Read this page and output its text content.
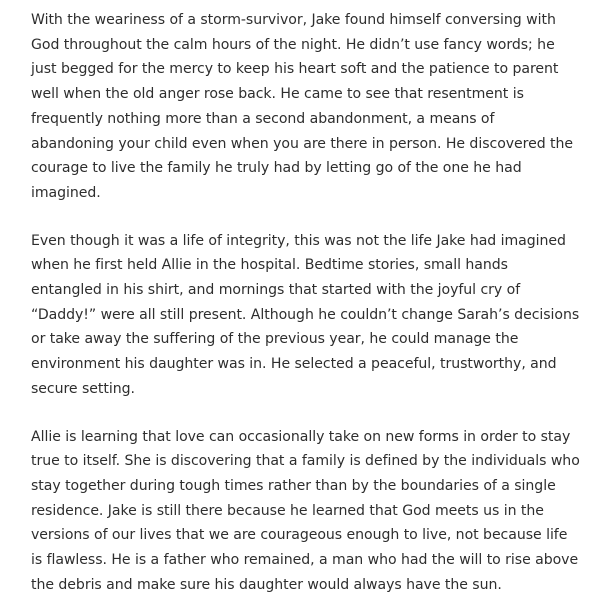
With the weariness of a storm-survivor, Jake found himself conversing with God throughout the calm hours of the night. He didn’t use fancy words; he just begged for the mercy to keep his heart soft and the patience to parent well when the old anger rose back. He came to see that resentment is frequently nothing more than a second abandonment, a means of abandoning your child even when you are there in person. He discovered the courage to live the family he truly had by letting go of the one he had imagined.

Even though it was a life of integrity, this was not the life Jake had imagined when he first held Allie in the hospital. Bedtime stories, small hands entangled in his shirt, and mornings that started with the joyful cry of “Daddy!” were all still present. Although he couldn’t change Sarah’s decisions or take away the suffering of the previous year, he could manage the environment his daughter was in. He selected a peaceful, trustworthy, and secure setting.

Allie is learning that love can occasionally take on new forms in order to stay true to itself. She is discovering that a family is defined by the individuals who stay together during tough times rather than by the boundaries of a single residence. Jake is still there because he learned that God meets us in the versions of our lives that we are courageous enough to live, not because life is flawless. He is a father who remained, a man who had the will to rise above the debris and make sure his daughter would always have the sun.
